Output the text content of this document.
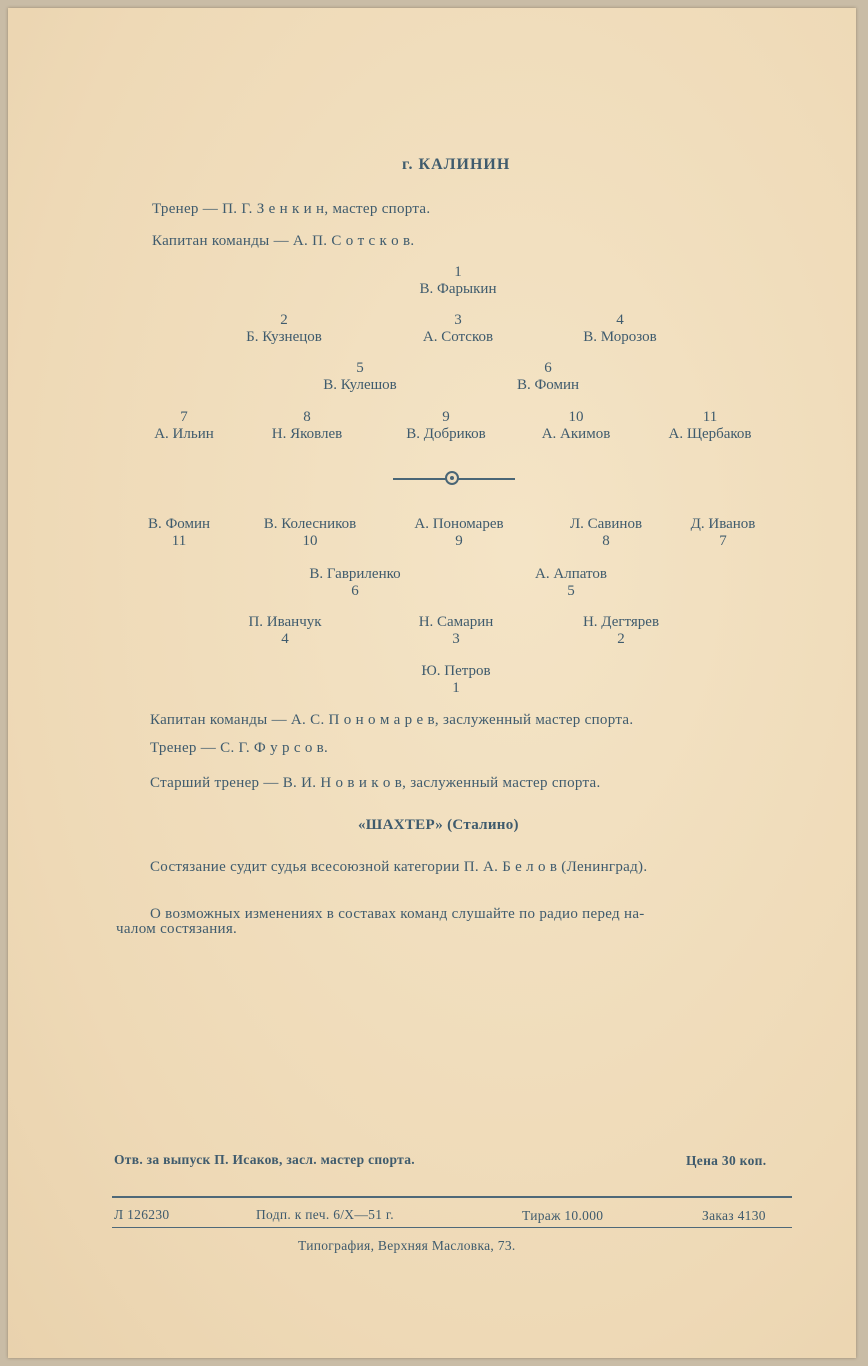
г. КАЛИНИН
Тренер — П. Г. З е н к и н, мастер спорта.
Капитан команды — А. П. С о т с к о в.
1
В. Фарыкин
2
Б. Кузнецов
3
А. Сотсков
4
В. Морозов
5
В. Кулешов
6
В. Фомин
7
А. Ильин
8
Н. Яковлев
9
В. Добриков
10
А. Акимов
11
А. Щербаков
В. Фомин
11
В. Колесников
10
А. Пономарев
9
Л. Савинов
8
Д. Иванов
7
В. Гавриленко
6
А. Алпатов
5
П. Иванчук
4
Н. Самарин
3
Н. Дегтярев
2
Ю. Петров
1
Капитан команды — А. С. П о н о м а р е в, заслуженный мастер спорта.
Тренер — С. Г. Ф у р с о в.
Старший тренер — В. И. Н о в и к о в, заслуженный мастер спорта.
«ШАХТЕР» (Сталино)
Состязание судит судья всесоюзной категории П. А. Б е л о в (Ленинград).
О возможных изменениях в составах команд слушайте по радио перед на-
чалом состязания.
Отв. за выпуск П. Исаков, засл. мастер спорта.	Цена 30 коп.
Л 126230	Подп. к печ. 6/X—51 г.	Тираж 10.000	Заказ 4130
Типография, Верхняя Масловка, 73.
